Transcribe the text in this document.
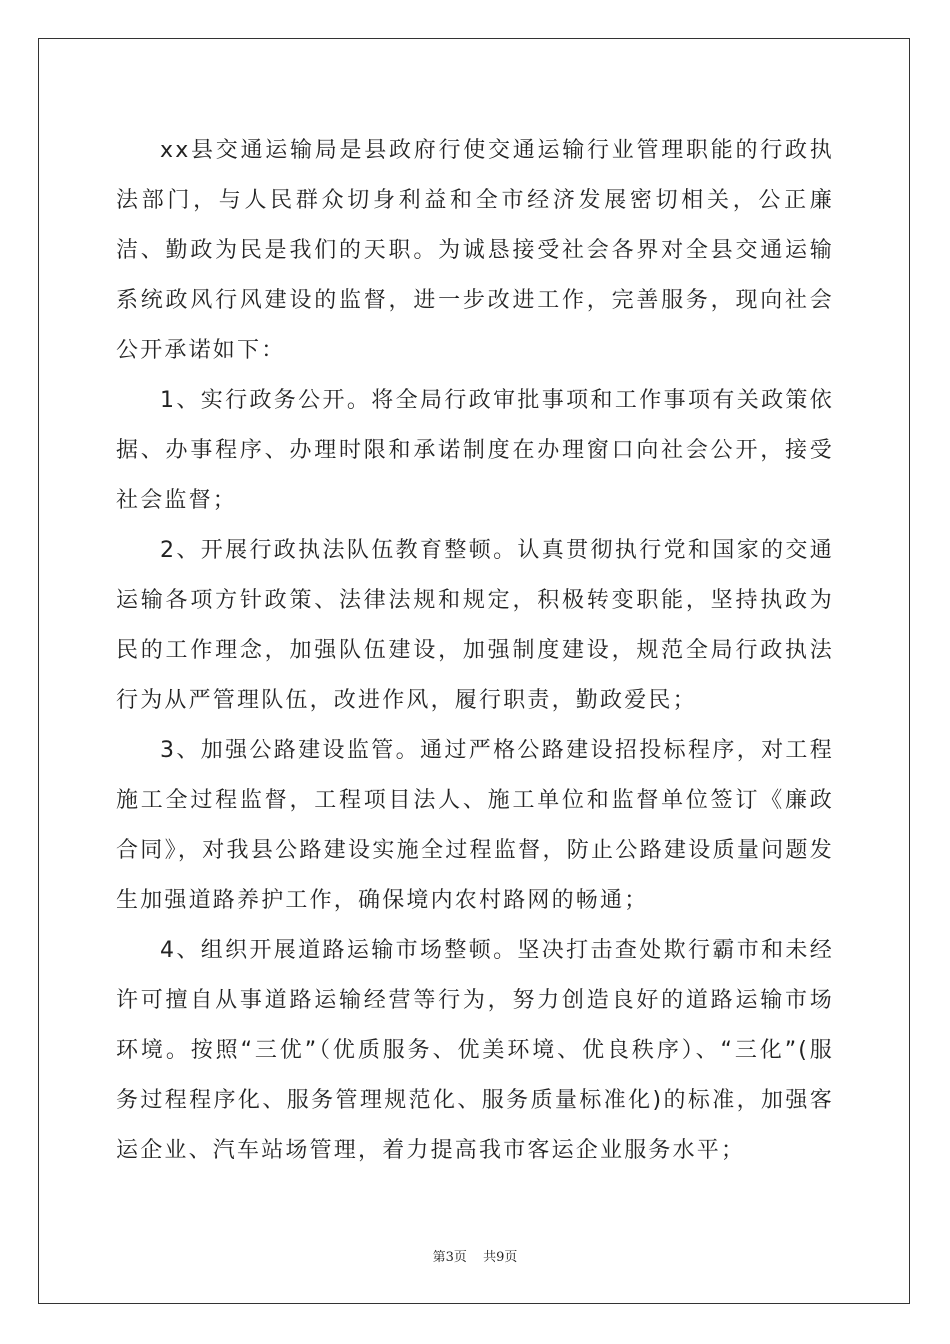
xx县交通运输局是县政府行使交通运输行业管理职能的行政执法部门，与人民群众切身利益和全市经济发展密切相关，公正廉洁、勤政为民是我们的天职。为诚恳接受社会各界对全县交通运输系统政风行风建设的监督，进一步改进工作，完善服务，现向社会公开承诺如下：

1、实行政务公开。将全局行政审批事项和工作事项有关政策依据、办事程序、办理时限和承诺制度在办理窗口向社会公开，接受社会监督；

2、开展行政执法队伍教育整顿。认真贯彻执行党和国家的交通运输各项方针政策、法律法规和规定，积极转变职能，坚持执政为民的工作理念，加强队伍建设，加强制度建设，规范全局行政执法行为从严管理队伍，改进作风，履行职责，勤政爱民；

3、加强公路建设监管。通过严格公路建设招投标程序，对工程施工全过程监督，工程项目法人、施工单位和监督单位签订《廉政合同》，对我县公路建设实施全过程监督，防止公路建设质量问题发生加强道路养护工作，确保境内农村路网的畅通；

4、组织开展道路运输市场整顿。坚决打击查处欺行霸市和未经许可擅自从事道路运输经营等行为，努力创造良好的道路运输市场环境。按照“三优”（优质服务、优美环境、优良秩序）、“三化”(服务过程程序化、服务管理规范化、服务质量标准化)的标准，加强客运企业、汽车站场管理，着力提高我市客运企业服务水平；

第3页 共9页
